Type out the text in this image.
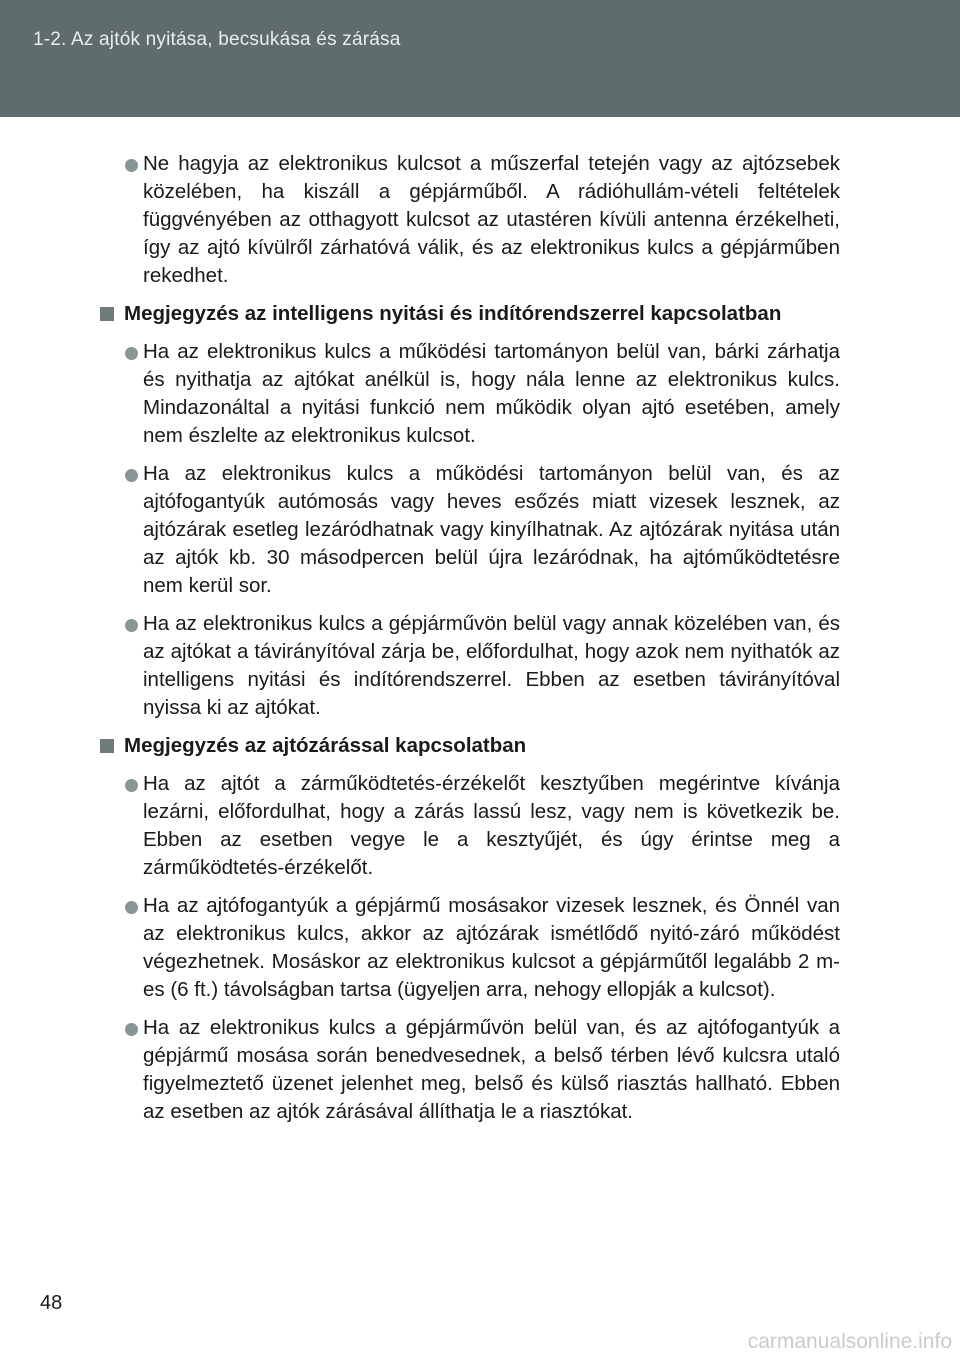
1-2. Az ajtók nyitása, becsukása és zárása
Ne hagyja az elektronikus kulcsot a műszerfal tetején vagy az ajtózsebek közelében, ha kiszáll a gépjárműből. A rádióhullám-vételi feltételek függvényében az otthagyott kulcsot az utastéren kívüli antenna érzékelheti, így az ajtó kívülről zárhatóvá válik, és az elektronikus kulcs a gépjárműben rekedhet.
Megjegyzés az intelligens nyitási és indítórendszerrel kapcsolatban
Ha az elektronikus kulcs a működési tartományon belül van, bárki zárhatja és nyithatja az ajtókat anélkül is, hogy nála lenne az elektronikus kulcs. Mindazonáltal a nyitási funkció nem működik olyan ajtó esetében, amely nem észlelte az elektronikus kulcsot.
Ha az elektronikus kulcs a működési tartományon belül van, és az ajtófogantyúk autómosás vagy heves esőzés miatt vizesek lesznek, az ajtózárak esetleg lezáródhatnak vagy kinyílhatnak. Az ajtózárak nyitása után az ajtók kb. 30 másodpercen belül újra lezáródnak, ha ajtóműködtetésre nem kerül sor.
Ha az elektronikus kulcs a gépjárművön belül vagy annak közelében van, és az ajtókat a távirányítóval zárja be, előfordulhat, hogy azok nem nyithatók az intelligens nyitási és indítórendszerrel. Ebben az esetben távirányítóval nyissa ki az ajtókat.
Megjegyzés az ajtózárással kapcsolatban
Ha az ajtót a zárműködtetés-érzékelőt kesztyűben megérintve kívánja lezárni, előfordulhat, hogy a zárás lassú lesz, vagy nem is következik be. Ebben az esetben vegye le a kesztyűjét, és úgy érintse meg a zárműködtetés-érzékelőt.
Ha az ajtófogantyúk a gépjármű mosásakor vizesek lesznek, és Önnél van az elektronikus kulcs, akkor az ajtózárak ismétlődő nyitó-záró működést végezhetnek. Mosáskor az elektronikus kulcsot a gépjárműtől legalább 2 m-es (6 ft.) távolságban tartsa (ügyeljen arra, nehogy ellopják a kulcsot).
Ha az elektronikus kulcs a gépjárművön belül van, és az ajtófogantyúk a gépjármű mosása során benedvesednek, a belső térben lévő kulcsra utaló figyelmeztető üzenet jelenhet meg, belső és külső riasztás hallható. Ebben az esetben az ajtók zárásával állíthatja le a riasztókat.
48
carmanualsonline.info
